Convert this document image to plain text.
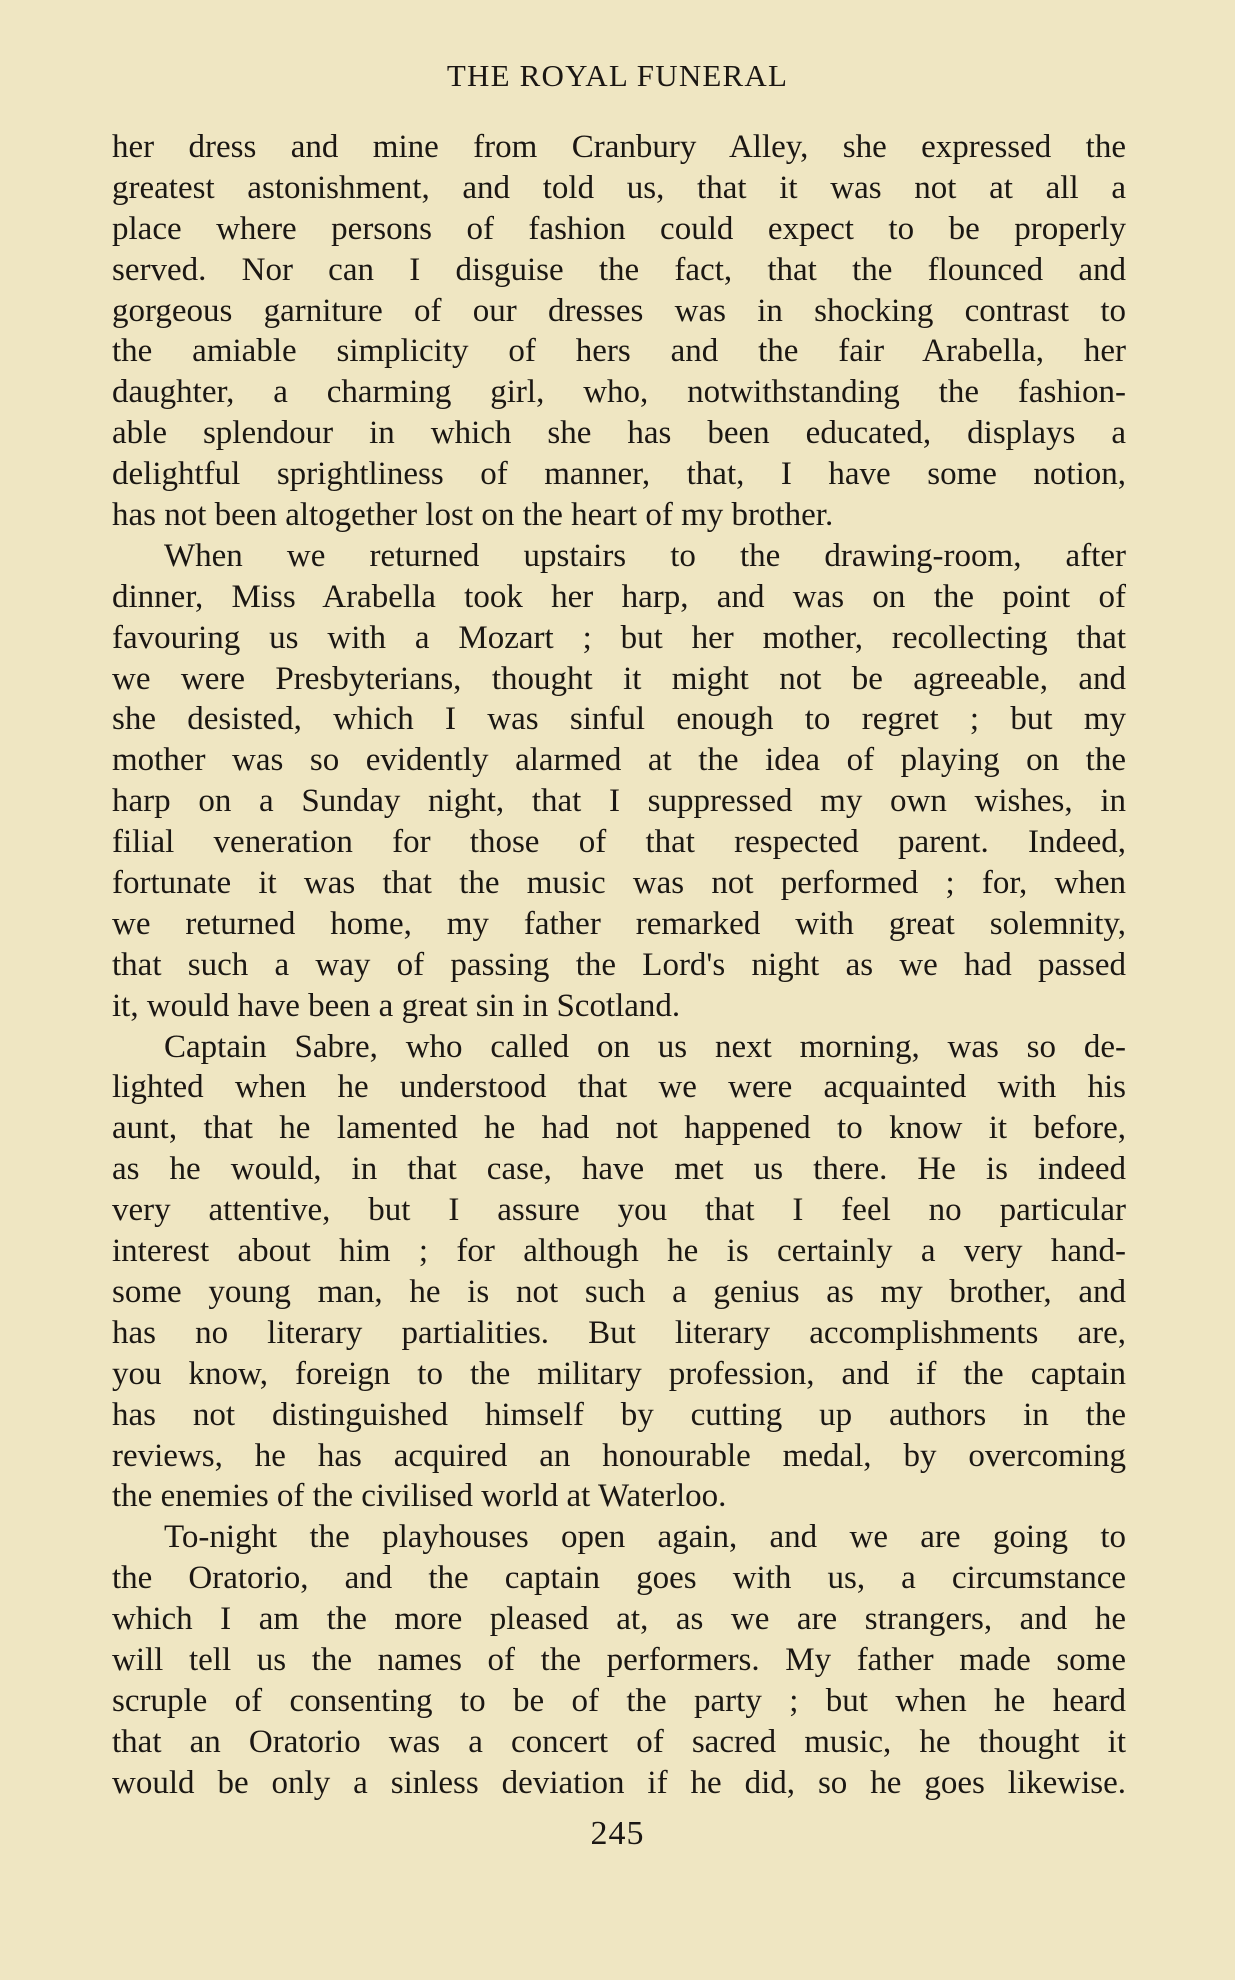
THE ROYAL FUNERAL
her dress and mine from Cranbury Alley, she expressed the
greatest astonishment, and told us, that it was not at all a
place where persons of fashion could expect to be properly
served. Nor can I disguise the fact, that the flounced and
gorgeous garniture of our dresses was in shocking contrast to
the amiable simplicity of hers and the fair Arabella, her
daughter, a charming girl, who, notwithstanding the fashion-
able splendour in which she has been educated, displays a
delightful sprightliness of manner, that, I have some notion,
has not been altogether lost on the heart of my brother.
When we returned upstairs to the drawing-room, after
dinner, Miss Arabella took her harp, and was on the point of
favouring us with a Mozart ; but her mother, recollecting that
we were Presbyterians, thought it might not be agreeable, and
she desisted, which I was sinful enough to regret ; but my
mother was so evidently alarmed at the idea of playing on the
harp on a Sunday night, that I suppressed my own wishes, in
filial veneration for those of that respected parent. Indeed,
fortunate it was that the music was not performed ; for, when
we returned home, my father remarked with great solemnity,
that such a way of passing the Lord's night as we had passed
it, would have been a great sin in Scotland.
Captain Sabre, who called on us next morning, was so de-
lighted when he understood that we were acquainted with his
aunt, that he lamented he had not happened to know it before,
as he would, in that case, have met us there. He is indeed
very attentive, but I assure you that I feel no particular
interest about him ; for although he is certainly a very hand-
some young man, he is not such a genius as my brother, and
has no literary partialities. But literary accomplishments are,
you know, foreign to the military profession, and if the captain
has not distinguished himself by cutting up authors in the
reviews, he has acquired an honourable medal, by overcoming
the enemies of the civilised world at Waterloo.
To-night the playhouses open again, and we are going to
the Oratorio, and the captain goes with us, a circumstance
which I am the more pleased at, as we are strangers, and he
will tell us the names of the performers. My father made some
scruple of consenting to be of the party ; but when he heard
that an Oratorio was a concert of sacred music, he thought it
would be only a sinless deviation if he did, so he goes likewise.
245
